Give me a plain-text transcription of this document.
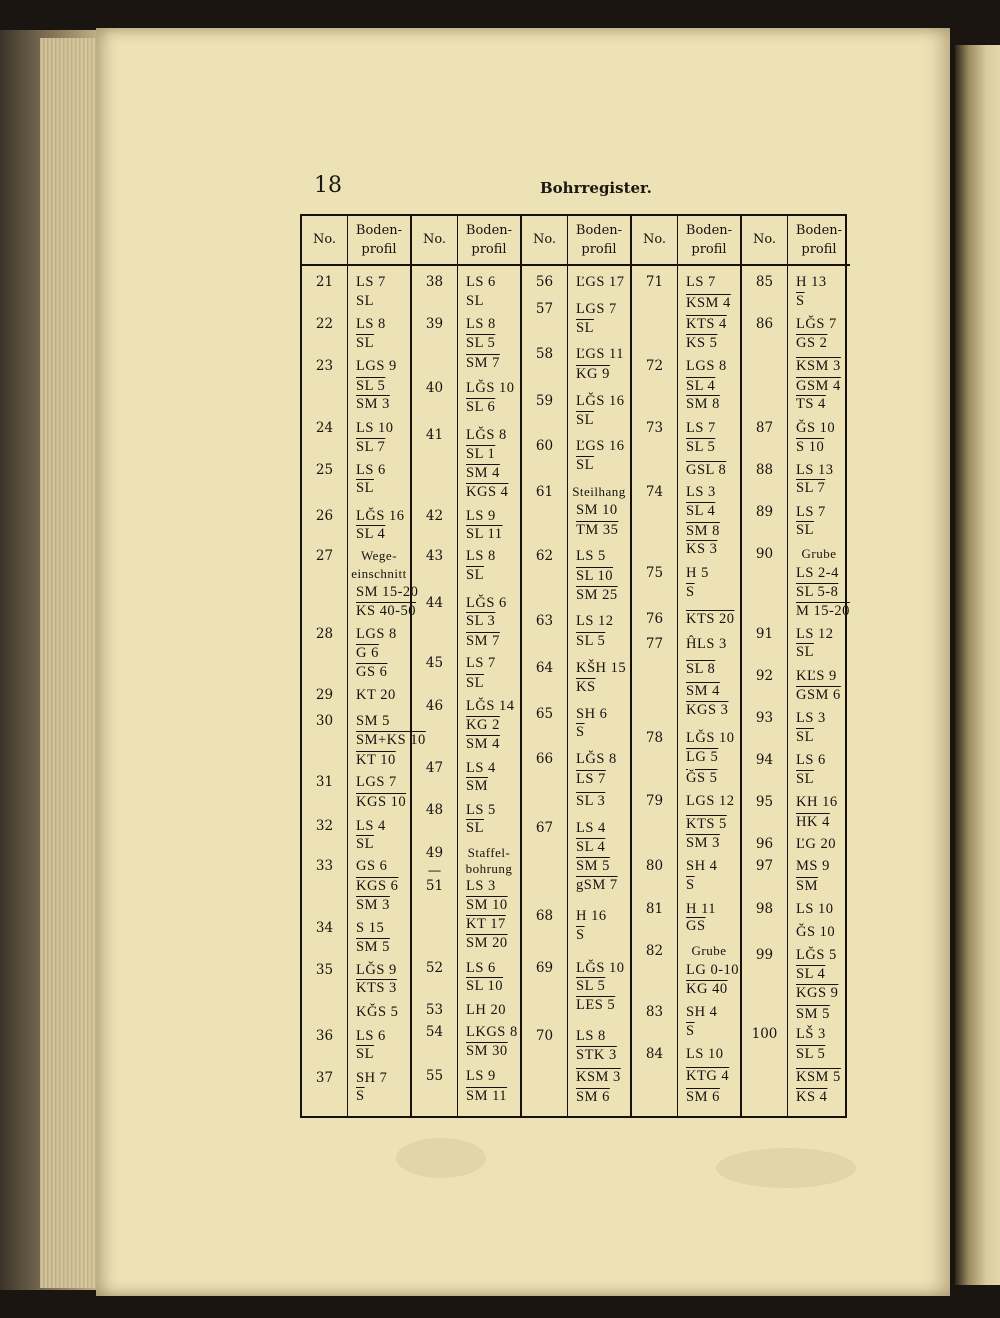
18	Bohrregister.
No.
21
22
23
24
25
26
27
28
29
30
31
32
33
34
35
36
37
Boden-
profil
LS 7
SL
LS 8
$\overline{SL}$
LGS 9
SL 5
SM 3
LS 10
SL 7
LS 6
$\overline{SL}$
LĞS 16
SL 4
Wege-
einschnitt
SM 15-20
KS 40-50
LGS 8
G 6
GS 6
KT 20
SM 5
SM+KS 10
KT 10
LGS 7
KGS 10
LS 4
$\overline{SL}$
GS 6
KGS 6
SM 3
S 15
SM 5
LĞS 9
KTS 3
KĞS 5
LS 6
$\overline{SL}$
SH 7
$\overline{S}$
No.
38
39
40
41
42
43
44
45
46
47
48
49
—
51
52
53
54
55
Boden-
profil
LS 6
SL
LS 8
SL 5
SM 7
LĞS 10
SL 6
LĞS 8
SL 1
SM 4
KGS 4
LS 9
SL 11
LS 8
$\overline{SL}$
LĞS 6
SL 3
SM 7
LS 7
$\overline{SL}$
LĞS 14
KG 2
SM 4
LS 4
$\overline{SM}$
LS 5
$\overline{SL}$
Staffel-
bohrung
LS 3
SM 10
KT 17
SM 20
LS 6
SL 10
LH 20
LKGS 8
SM 30
LS 9
SM 11
No.
56
57
58
59
60
61
62
63
64
65
66
67
68
69
70
Boden-
profil
ĽGS 17
LGS 7
$\overline{SL}$
ĽGS 11
KG 9
LĞS 16
$\overline{SL}$
ĽGS 16
$\overline{SL}$
Steilhang
SM 10
TM 35
LS 5
SL 10
SM 25
LS 12
SL 5
KŠH 15
$\overline{KS}$
SH 6
$\overline{S}$
LĞS 8
LS 7
SL 3
LS 4
SL 4
SM 5
gSM 7
H 16
$\overline{S}$
LĞS 10
SL 5
LES 5
LS 8
STK 3
KSM 3
SM 6
No.
71
72
73
74
75
76
77
78
79
80
81
82
83
84
Boden-
profil
LS 7
KSM 4
KTS 4
KS 5
LGS 8
SL 4
SM 8
LS 7
SL 5
GSL 8
LS 3
SL 4
SM 8
KS 3
H 5
$\overline{S}$
KTS 20
ĤLS 3
SL 8
SM 4
KGS 3
LĞS 10
LG 5
ĞS 5
LGS 12
KTS 5
SM 3
SH 4
$\overline{S}$
H 11
$\overline{GS}$
Grube
LG 0-10
KG 40
SH 4
$\overline{S}$
LS 10
KTG 4
SM 6
No.
85
86
87
88
89
90
91
92
93
94
95
96
97
98
99
100
Boden-
profil
H 13
$\overline{S}$
LĞS 7
GS 2
KSM 3
GSM 4
TS 4
ĞS 10
S 10
LS 13
SL 7
LS 7
$\overline{SL}$
Grube
LS 2-4
SL 5-8
M 15-20
LS 12
$\overline{SL}$
KĽS 9
GSM 6
LS 3
$\overline{SL}$
LS 6
$\overline{SL}$
KH 16
HK 4
ĽG 20
MS 9
$\overline{SM}$
LS 10
ĞS 10
LĞS 5
SL 4
KGS 9
SM 5
LŠ 3
SL 5
KSM 5
KS 4
